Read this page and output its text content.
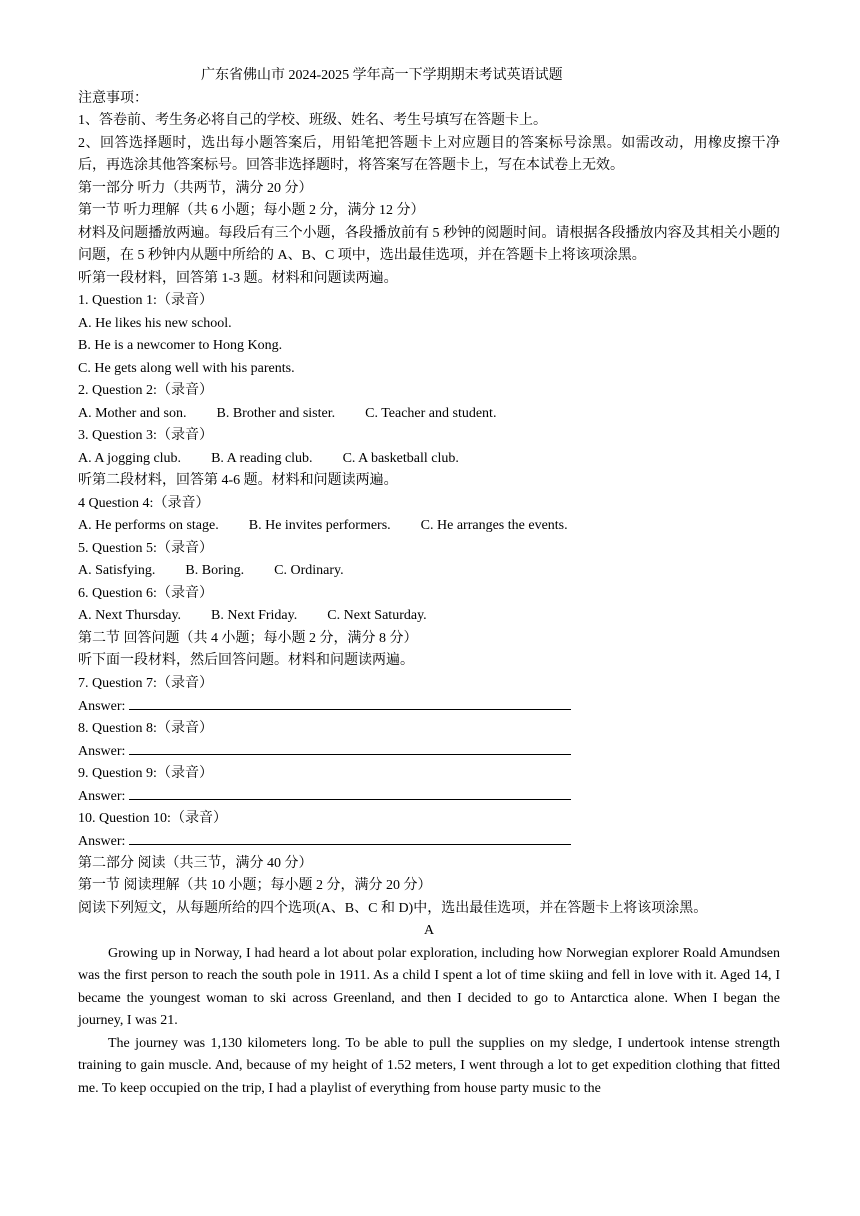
广东省佛山市 2024-2025 学年高一下学期期末考试英语试题
注意事项：
1、答卷前、考生务必将自己的学校、班级、姓名、考生号填写在答题卡上。
2、回答选择题时，选出每小题答案后，用铅笔把答题卡上对应题目的答案标号涂黑。如需改动，用橡皮擦干净后，再选涂其他答案标号。回答非选择题时，将答案写在答题卡上，写在本试卷上无效。
第一部分 听力（共两节，满分 20 分）
第一节 听力理解（共 6 小题；每小题 2 分，满分 12 分）
材料及问题播放两遍。每段后有三个小题，各段播放前有 5 秒钟的阅题时间。请根据各段播放内容及其相关小题的问题，在 5 秒钟内从题中所给的 A、B、C 项中，选出最佳选项，并在答题卡上将该项涂黑。
听第一段材料，回答第 1-3 题。材料和问题读两遍。
1. Question 1:（录音）
A. He likes his new school.
B. He is a newcomer to Hong Kong.
C. He gets along well with his parents.
2. Question 2:（录音）
A. Mother and son. B. Brother and sister. C. Teacher and student.
3. Question 3:（录音）
A. A jogging club. B. A reading club. C. A basketball club.
听第二段材料，回答第 4-6 题。材料和问题读两遍。
4 Question 4:（录音）
A. He performs on stage. B. He invites performers. C. He arranges the events.
5. Question 5:（录音）
A. Satisfying. B. Boring. C. Ordinary.
6. Question 6:（录音）
A. Next Thursday. B. Next Friday. C. Next Saturday.
第二节 回答问题（共 4 小题；每小题 2 分，满分 8 分）
听下面一段材料，然后回答问题。材料和问题读两遍。
7. Question 7:（录音）
Answer:
8. Question 8:（录音）
Answer:
9. Question 9:（录音）
Answer:
10. Question 10:（录音）
Answer:
第二部分 阅读（共三节，满分 40 分）
第一节 阅读理解（共 10 小题；每小题 2 分，满分 20 分）
阅读下列短文，从每题所给的四个选项(A、B、C 和 D)中，选出最佳选项，并在答题卡上将该项涂黑。
A
Growing up in Norway, I had heard a lot about polar exploration, including how Norwegian explorer Roald Amundsen was the first person to reach the south pole in 1911. As a child I spent a lot of time skiing and fell in love with it. Aged 14, I became the youngest woman to ski across Greenland, and then I decided to go to Antarctica alone. When I began the journey, I was 21.
The journey was 1,130 kilometers long. To be able to pull the supplies on my sledge, I undertook intense strength training to gain muscle. And, because of my height of 1.52 meters, I went through a lot to get expedition clothing that fitted me. To keep occupied on the trip, I had a playlist of everything from house party music to the
